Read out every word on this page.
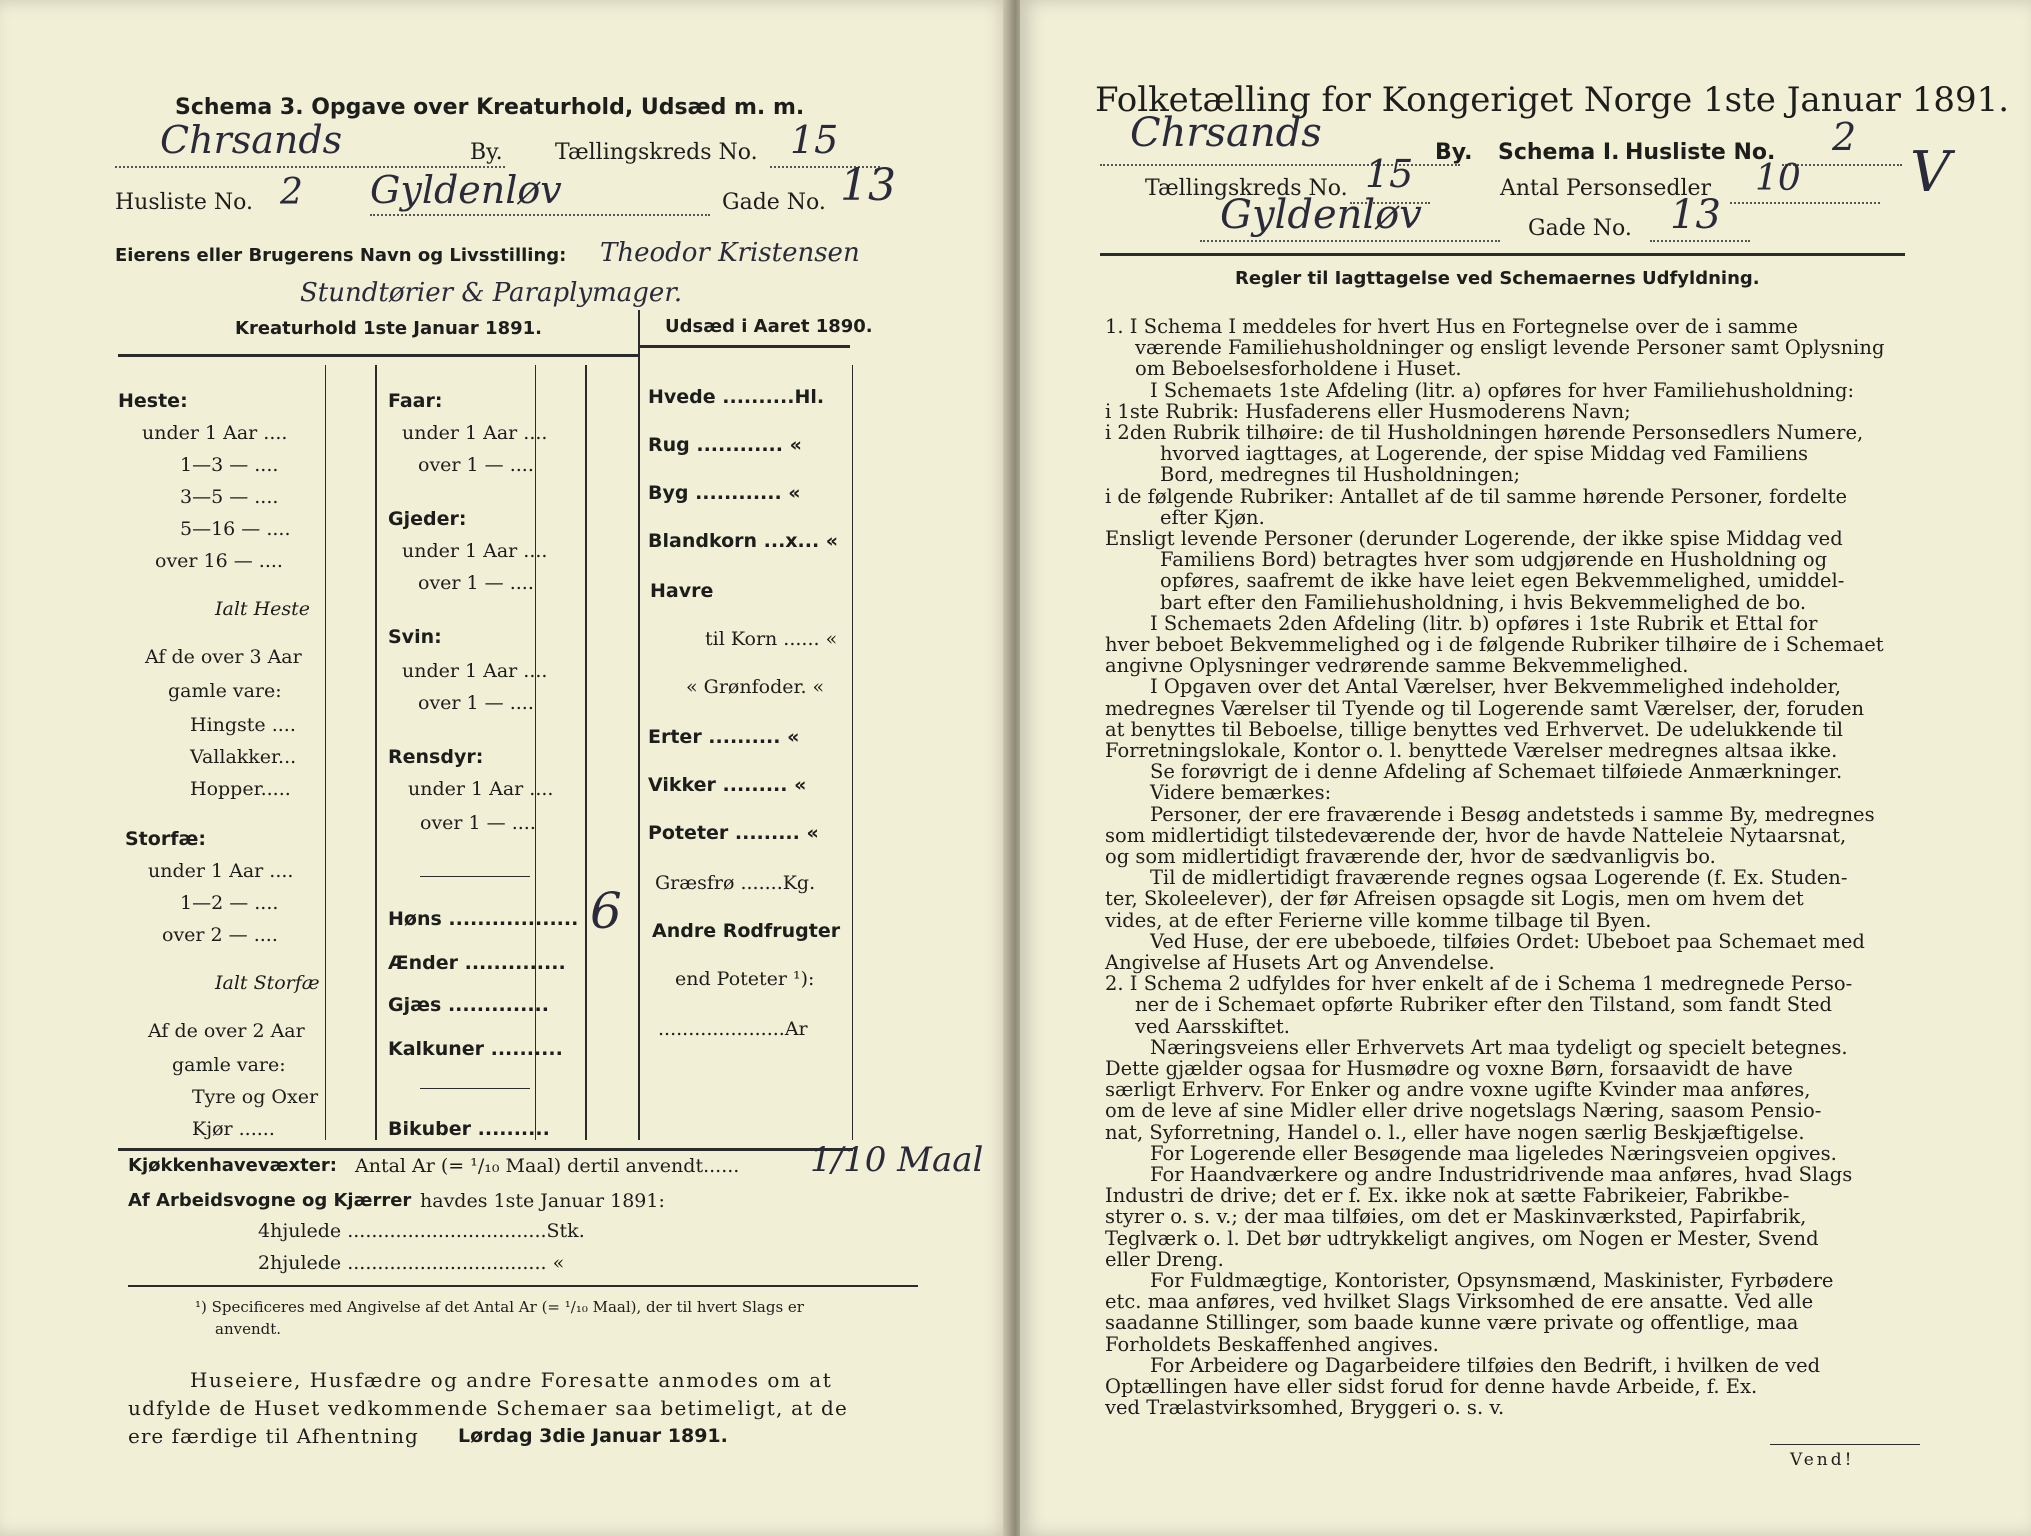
Schema 3. Opgave over Kreaturhold, Udsæd m. m.
Chrsands	By. Tællingskreds No. 15
Husliste No. 2 Gyldenløv	Gade No. 13
Eierens eller Brugerens Navn og Livsstilling: Theodor Kristensen
Stundtørier & Paraplymager.
Kreaturhold 1ste Januar 1891.	Udsæd i Aaret 1890.
Heste:
under 1 Aar ....
1—3 — ....
3—5 — ....
5—16 — ....
over 16 — ....
Ialt Heste
Af de over 3 Aar
gamle vare:
Hingste ....
Vallakker...
Hopper.....
Storfæ:
under 1 Aar ....
1—2 — ....
over 2 — ....
Ialt Storfæ
Af de over 2 Aar
gamle vare:
Tyre og Oxer
Kjør ......
Faar:
under 1 Aar ....
over 1 — ....
Gjeder:
under 1 Aar ....
over 1 — ....
Svin:
under 1 Aar ....
over 1 — ....
Rensdyr:
under 1 Aar ....
over 1 — ....
Høns .................. 6
Ænder ..............
Gjæs ..............
Kalkuner ..........
Bikuber ..........
Hvede ..........Hl.
Rug ............ «
Byg ............ «
Blandkorn ...x... «
Havre
til Korn ...... «
« Grønfoder. «
Erter .......... «
Vikker ......... «
Poteter ......... «
Græsfrø .......Kg.
Andre Rodfrugter
end Poteter ¹):
.....................Ar
Kjøkkenhavevæxter: Antal Ar (= ¹/₁₀ Maal) dertil anvendt...... 1/10 Maal
Af Arbeidsvogne og Kjærrer havdes 1ste Januar 1891:
4hjulede .................................Stk.
2hjulede ................................. «
¹) Specificeres med Angivelse af det Antal Ar (= ¹/₁₀ Maal), der til hvert Slags er
anvendt.
Huseiere, Husfædre og andre Foresatte anmodes om at
udfylde de Huset vedkommende Schemaer saa betimeligt, at de
ere færdige til Afhentning Lørdag 3die Januar 1891.
Folketælling for Kongeriget Norge 1ste Januar 1891.
Chrsands	By. Schema I. Husliste No. 2
Tællingskreds No. 15	Antal Personsedler 10 V
Gyldenløv	Gade No. 13
Regler til Iagttagelse ved Schemaernes Udfyldning.
1. I Schema I meddeles for hvert Hus en Fortegnelse over de i samme
værende Familiehusholdninger og ensligt levende Personer samt Oplysning
om Beboelsesforholdene i Huset.
I Schemaets 1ste Afdeling (litr. a) opføres for hver Familiehusholdning:
i 1ste Rubrik: Husfaderens eller Husmoderens Navn;
i 2den Rubrik tilhøire: de til Husholdningen hørende Personsedlers Numere,
hvorved iagttages, at Logerende, der spise Middag ved Familiens
Bord, medregnes til Husholdningen;
i de følgende Rubriker: Antallet af de til samme hørende Personer, fordelte
efter Kjøn.
Ensligt levende Personer (derunder Logerende, der ikke spise Middag ved
Familiens Bord) betragtes hver som udgjørende en Husholdning og
opføres, saafremt de ikke have leiet egen Bekvemmelighed, umiddel-
bart efter den Familiehusholdning, i hvis Bekvemmelighed de bo.
I Schemaets 2den Afdeling (litr. b) opføres i 1ste Rubrik et Ettal for
hver beboet Bekvemmelighed og i de følgende Rubriker tilhøire de i Schemaet
angivne Oplysninger vedrørende samme Bekvemmelighed.
I Opgaven over det Antal Værelser, hver Bekvemmelighed indeholder,
medregnes Værelser til Tyende og til Logerende samt Værelser, der, foruden
at benyttes til Beboelse, tillige benyttes ved Erhvervet. De udelukkende til
Forretningslokale, Kontor o. l. benyttede Værelser medregnes altsaa ikke.
Se forøvrigt de i denne Afdeling af Schemaet tilføiede Anmærkninger.
Videre bemærkes:
Personer, der ere fraværende i Besøg andetsteds i samme By, medregnes
som midlertidigt tilstedeværende der, hvor de havde Natteleie Nytaarsnat,
og som midlertidigt fraværende der, hvor de sædvanligvis bo.
Til de midlertidigt fraværende regnes ogsaa Logerende (f. Ex. Studen-
ter, Skoleelever), der før Afreisen opsagde sit Logis, men om hvem det
vides, at de efter Ferierne ville komme tilbage til Byen.
Ved Huse, der ere ubeboede, tilføies Ordet: Ubeboet paa Schemaet med
Angivelse af Husets Art og Anvendelse.
2. I Schema 2 udfyldes for hver enkelt af de i Schema 1 medregnede Perso-
ner de i Schemaet opførte Rubriker efter den Tilstand, som fandt Sted
ved Aarsskiftet.
Næringsveiens eller Erhvervets Art maa tydeligt og specielt betegnes.
Dette gjælder ogsaa for Husmødre og voxne Børn, forsaavidt de have
særligt Erhverv. For Enker og andre voxne ugifte Kvinder maa anføres,
om de leve af sine Midler eller drive nogetslags Næring, saasom Pensio-
nat, Syforretning, Handel o. l., eller have nogen særlig Beskjæftigelse.
For Logerende eller Besøgende maa ligeledes Næringsveien opgives.
For Haandværkere og andre Industridrivende maa anføres, hvad Slags
Industri de drive; det er f. Ex. ikke nok at sætte Fabrikeier, Fabrikbe-
styrer o. s. v.; der maa tilføies, om det er Maskinværksted, Papirfabrik,
Teglværk o. l. Det bør udtrykkeligt angives, om Nogen er Mester, Svend
eller Dreng.
For Fuldmægtige, Kontorister, Opsynsmænd, Maskinister, Fyrbødere
etc. maa anføres, ved hvilket Slags Virksomhed de ere ansatte. Ved alle
saadanne Stillinger, som baade kunne være private og offentlige, maa
Forholdets Beskaffenhed angives.
For Arbeidere og Dagarbeidere tilføies den Bedrift, i hvilken de ved
Optællingen have eller sidst forud for denne havde Arbeide, f. Ex.
ved Trælastvirksomhed, Bryggeri o. s. v.
Vend!
